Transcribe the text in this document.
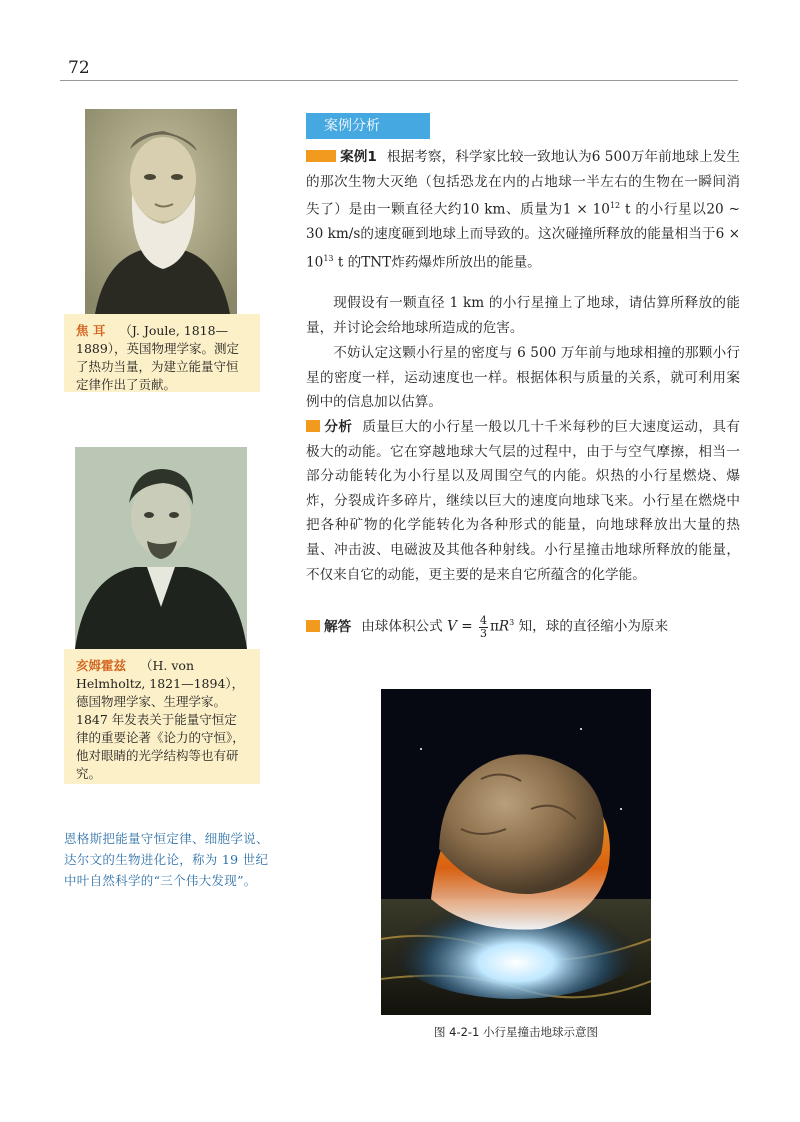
72
焦 耳 （J. Joule, 1818—1889），英国物理学家。测定了热功当量，为建立能量守恒定律作出了贡献。
亥姆霍兹 （H. von Helmholtz, 1821—1894），德国物理学家、生理学家。1847 年发表关于能量守恒定律的重要论著《论力的守恒》，他对眼睛的光学结构等也有研究。
恩格斯把能量守恒定律、细胞学说、达尔文的生物进化论，称为 19 世纪中叶自然科学的“三个伟大发现”。
案例分析
案例1 根据考察，科学家比较一致地认为6 500万年前地球上发生的那次生物大灭绝（包括恐龙在内的占地球一半左右的生物在一瞬间消失了）是由一颗直径大约10 km、质量为$1 \times 10^{12}$ t 的小行星以20 ~ 30 km/s的速度砸到地球上而导致的。这次碰撞所释放的能量相当于$6 \times 10^{13}$ t 的TNT炸药爆炸所放出的能量。
现假设有一颗直径 1 km 的小行星撞上了地球，请估算所释放的能量，并讨论会给地球所造成的危害。
不妨认定这颗小行星的密度与 6 500 万年前与地球相撞的那颗小行星的密度一样，运动速度也一样。根据体积与质量的关系，就可利用案例中的信息加以估算。
分析 质量巨大的小行星一般以几十千米每秒的巨大速度运动，具有极大的动能。它在穿越地球大气层的过程中，由于与空气摩擦，相当一部分动能转化为小行星以及周围空气的内能。炽热的小行星燃烧、爆炸，分裂成许多碎片，继续以巨大的速度向地球飞来。小行星在燃烧中把各种矿物的化学能转化为各种形式的能量，向地球释放出大量的热量、冲击波、电磁波及其他各种射线。小行星撞击地球所释放的能量，不仅来自它的动能，更主要的是来自它所蕴含的化学能。
解答 由球体积公式 $V = \frac{4}{3} \pi R^3$ 知，球的直径缩小为原来
图 4-2-1 小行星撞击地球示意图
